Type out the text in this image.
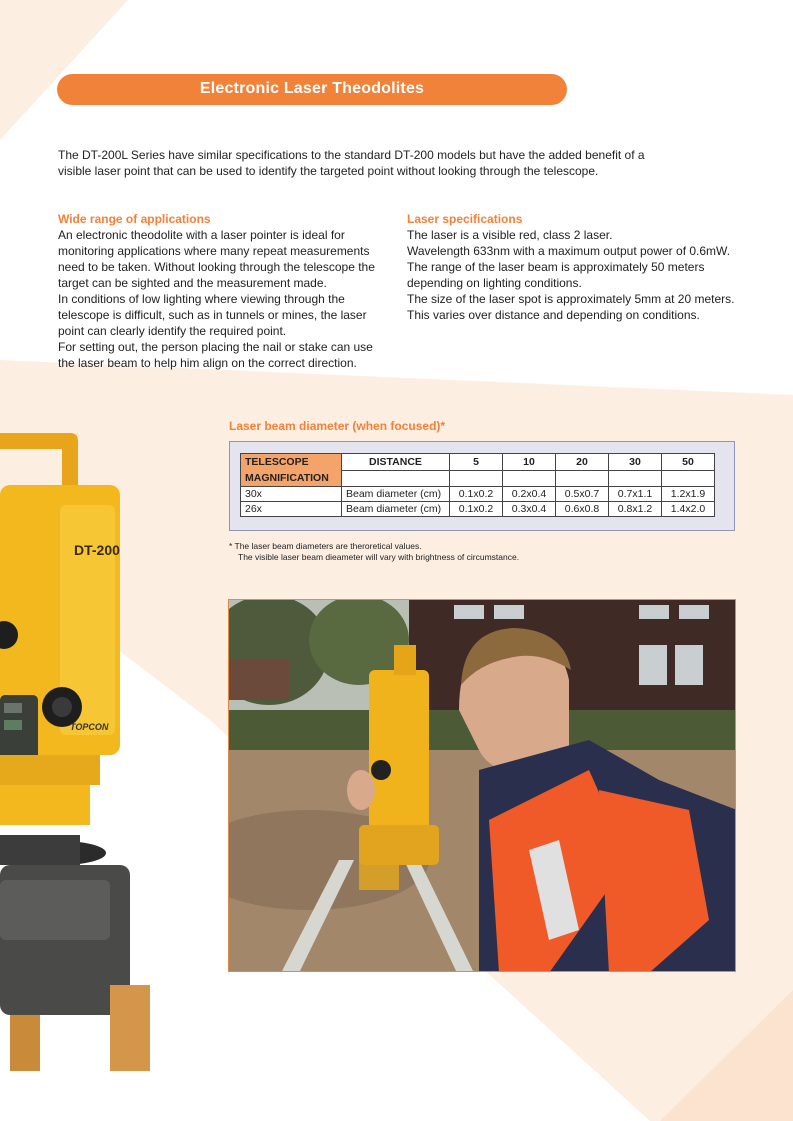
Electronic Laser Theodolites
The DT-200L Series have similar specifications to the standard DT-200 models but have the added benefit of a visible laser point that can be used to identify the targeted point without looking through the telescope.
Wide range of applications

An electronic theodolite with a laser pointer is ideal for monitoring applications where many repeat measurements need to be taken. Without looking through the telescope the target can be sighted and the measurement made.

In conditions of low lighting where viewing through the telescope is difficult, such as in tunnels or mines, the laser point can clearly identify the required point.

For setting out, the person placing the nail or stake can use the laser beam to help him align on the correct direction.

Laser specifications

The laser is a visible red, class 2 laser.

Wavelength 633nm with a maximum output power of 0.6mW.

The range of the laser beam is approximately 50 meters depending on lighting conditions.

The size of the laser spot is approximately 5mm at 20 meters. This varies over distance and depending on conditions.

Laser beam diameter (when focused)*
TELESCOPE
MAGNIFICATION	DISTANCE	5	10	20	30	50

30x	Beam diameter (cm)	0.1x0.2	0.2x0.4	0.5x0.7	0.7x1.1	1.2x1.9
26x	Beam diameter (cm)	0.1x0.2	0.3x0.4	0.6x0.8	0.8x1.2	1.4x2.0
* The laser beam diameters are theroretical values.
The visible laser beam dieameter will vary with brightness of circumstance.
DT-200
TOPCON
